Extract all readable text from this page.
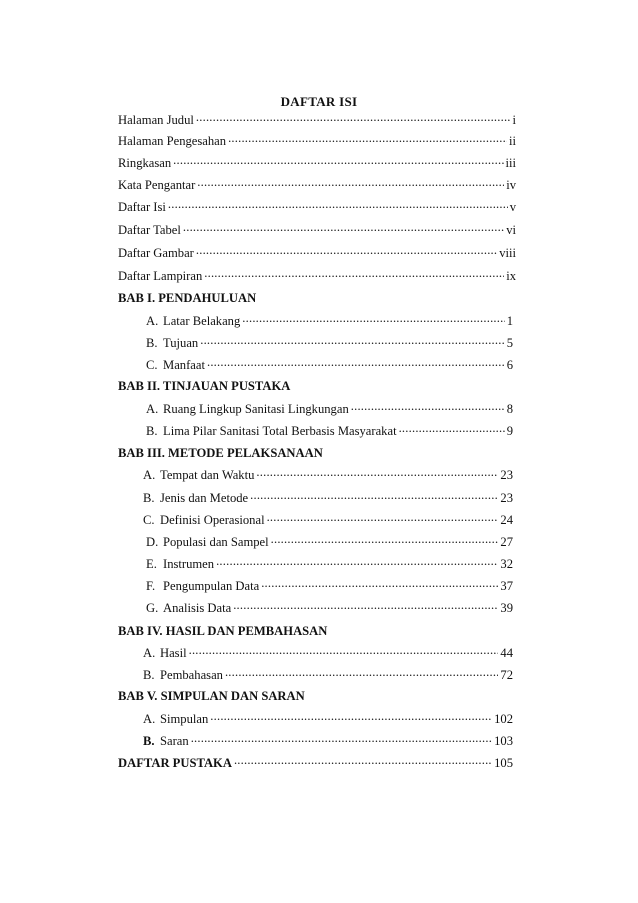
DAFTAR ISI
Halaman Judul .....	i
Halaman Pengesahan .....	ii
Ringkasan .....	iii
Kata Pengantar .....	iv
Daftar Isi .....	v
Daftar Tabel .....	vi
Daftar Gambar .....	viii
Daftar Lampiran .....	ix
BAB I. PENDAHULUAN
A. Latar Belakang .....	1
B. Tujuan .....	5
C. Manfaat .....	6
BAB II. TINJAUAN PUSTAKA
A. Ruang Lingkup Sanitasi Lingkungan .....	8
B. Lima Pilar Sanitasi Total Berbasis Masyarakat .....	9
BAB III. METODE PELAKSANAAN
A. Tempat dan Waktu .....	23
B. Jenis dan Metode .....	23
C. Definisi Operasional .....	24
D. Populasi dan Sampel .....	27
E. Instrumen .....	32
F. Pengumpulan Data .....	37
G. Analisis Data .....	39
BAB IV. HASIL DAN PEMBAHASAN
A. Hasil .....	44
B. Pembahasan .....	72
BAB V. SIMPULAN DAN SARAN
A. Simpulan .....	102
B. Saran .....	103
DAFTAR PUSTAKA .....	105
